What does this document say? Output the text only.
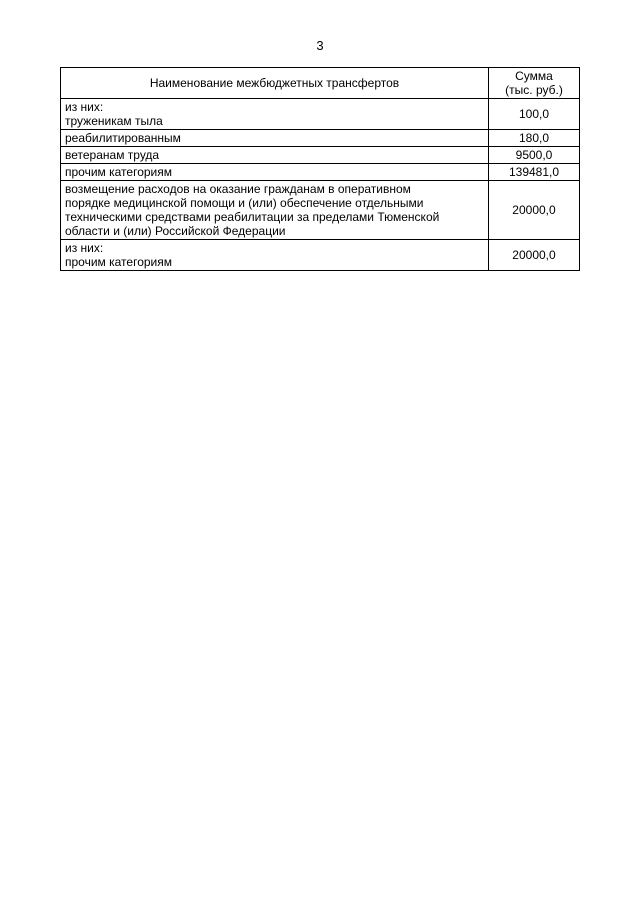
3
Наименование межбюджетных трансфертов	Сумма
(тыс. руб.)

из них:
труженикам тыла	100,0

реабилитированным	180,0

ветеранам труда	9500,0

прочим категориям	139481,0

возмещение расходов на оказание гражданам в оперативном
порядке медицинской помощи и (или) обеспечение отдельными
техническими средствами реабилитации за пределами Тюменской
области и (или) Российской Федерации	20000,0

из них:
прочим категориям	20000,0
